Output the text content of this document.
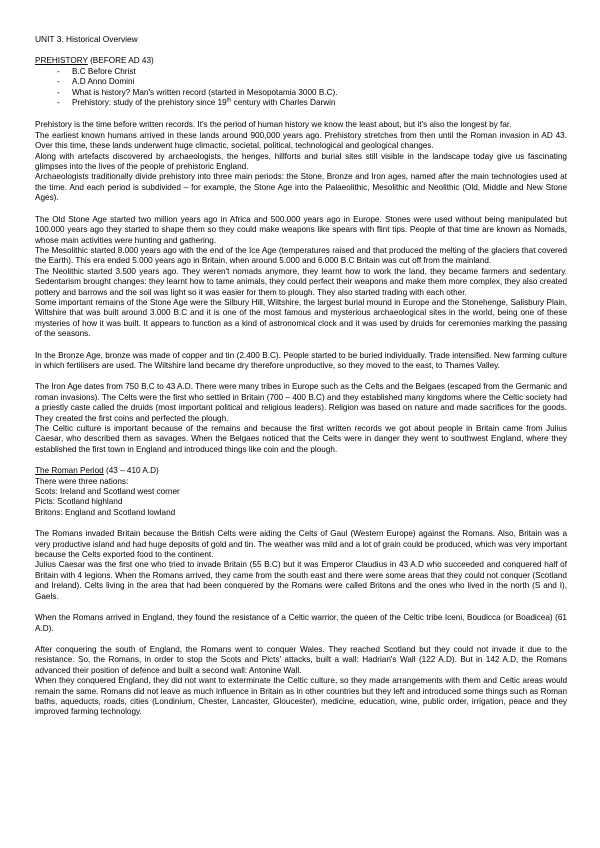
UNIT 3. Historical Overview
PREHISTORY (BEFORE AD 43)
- B.C Before Christ
- A.D Anno Domini
- What is history? Man's written record (started in Mesopotamia 3000 B.C).
- Prehistory: study of the prehistory since 19th century with Charles Darwin

Prehistory is the time before written records. It's the period of human history we know the least about, but it's also the longest by far.

The earliest known humans arrived in these lands around 900,000 years ago. Prehistory stretches from then until the Roman invasion in AD 43. Over this time, these lands underwent huge climactic, societal, political, technological and geological changes.

Along with artefacts discovered by archaeologists, the henges, hillforts and burial sites still visible in the landscape today give us fascinating glimpses into the lives of the people of prehistoric England.

Archaeologists traditionally divide prehistory into three main periods: the Stone, Bronze and Iron ages, named after the main technologies used at the time. And each period is subdivided – for example, the Stone Age into the Palaeolithic, Mesolithic and Neolithic (Old, Middle and New Stone Ages).

The Old Stone Age started two million years ago in Africa and 500.000 years ago in Europe. Stones were used without being manipulated but 100.000 years ago they started to shape them so they could make weapons like spears with flint tips. People of that time are known as Nomads, whose main activities were hunting and gathering.

The Mesolithic started 8.000 years ago with the end of the Ice Age (temperatures raised and that produced the melting of the glaciers that covered the Earth). This era ended 5.000 years ago in Britain, when around 5.000 and 6.000 B.C Britain was cut off from the mainland.

The Neolithic started 3.500 years ago. They weren't nomads anymore, they learnt how to work the land, they became farmers and sedentary. Sedentarism brought changes: they learnt how to tame animals, they could perfect their weapons and make them more complex, they also created pottery and barrows and the soil was light so it was easier for them to plough. They also started trading with each other.

Some important remains of the Stone Age were the Silbury Hill, Wiltshire, the largest burial mound in Europe and the Stonehenge, Salisbury Plain, Wiltshire that was built around 3.000 B.C and it is one of the most famous and mysterious archaeological sites in the world, being one of these mysteries of how it was built. It appears to function as a kind of astronomical clock and it was used by druids for ceremonies marking the passing of the seasons.

In the Bronze Age, bronze was made of copper and tin (2.400 B.C). People started to be buried individually. Trade intensified. New farming culture in which fertilisers are used. The Wiltshire land became dry therefore unproductive, so they moved to the east, to Thames Valley.

The Iron Age dates from 750 B.C to 43 A.D. There were many tribes in Europe such as the Celts and the Belgaes (escaped from the Germanic and roman invasions). The Celts were the first who settled in Britain (700 – 400 B.C) and they established many kingdoms where the Celtic society had a priestly caste called the druids (most important political and religious leaders). Religion was based on nature and made sacrifices for the goods. They created the first coins and perfected the plough.

The Celtic culture is important because of the remains and because the first written records we got about people in Britain came from Julius Caesar, who described them as savages. When the Belgaes noticed that the Celts were in danger they went to southwest England, where they established the first town in England and introduced things like coin and the plough.

The Roman Period (43 – 410 A.D)
There were three nations:
Scots: Ireland and Scotland west corner
Picts: Scotland highland
Britons: England and Scotland lowland

The Romans invaded Britain because the British Celts were aiding the Celts of Gaul (Western Europe) against the Romans. Also, Britain was a very productive island and had huge deposits of gold and tin. The weather was mild and a lot of grain could be produced, which was very important because the Celts exported food to the continent.

Julius Caesar was the first one who tried to invade Britain (55 B.C) but it was Emperor Claudius in 43 A.D who succeeded and conquered half of Britain with 4 legions. When the Romans arrived, they came from the south east and there were some areas that they could not conquer (Scotland and Ireland). Celts living in the area that had been conquered by the Romans were called Britons and the ones who lived in the north (S and I), Gaels.

When the Romans arrived in England, they found the resistance of a Celtic warrior, the queen of the Celtic tribe Iceni, Boudicca (or Boadicea) (61 A.D).

After conquering the south of England, the Romans went to conquer Wales. They reached Scotland but they could not invade it due to the resistance. So, the Romans, in order to stop the Scots and Picts' attacks, built a wall: Hadrian's Wall (122 A.D). But in 142 A.D, the Romans advanced their position of defence and built a second wall: Antonine Wall.

When they conquered England, they did not want to exterminate the Celtic culture, so they made arrangements with them and Celtic areas would remain the same. Romans did not leave as much influence in Britain as in other countries but they left and introduced some things such as Roman baths, aqueducts, roads, cities (Londinium, Chester, Lancaster, Gloucester), medicine, education, wine, public order, irrigation, peace and they improved farming technology.
